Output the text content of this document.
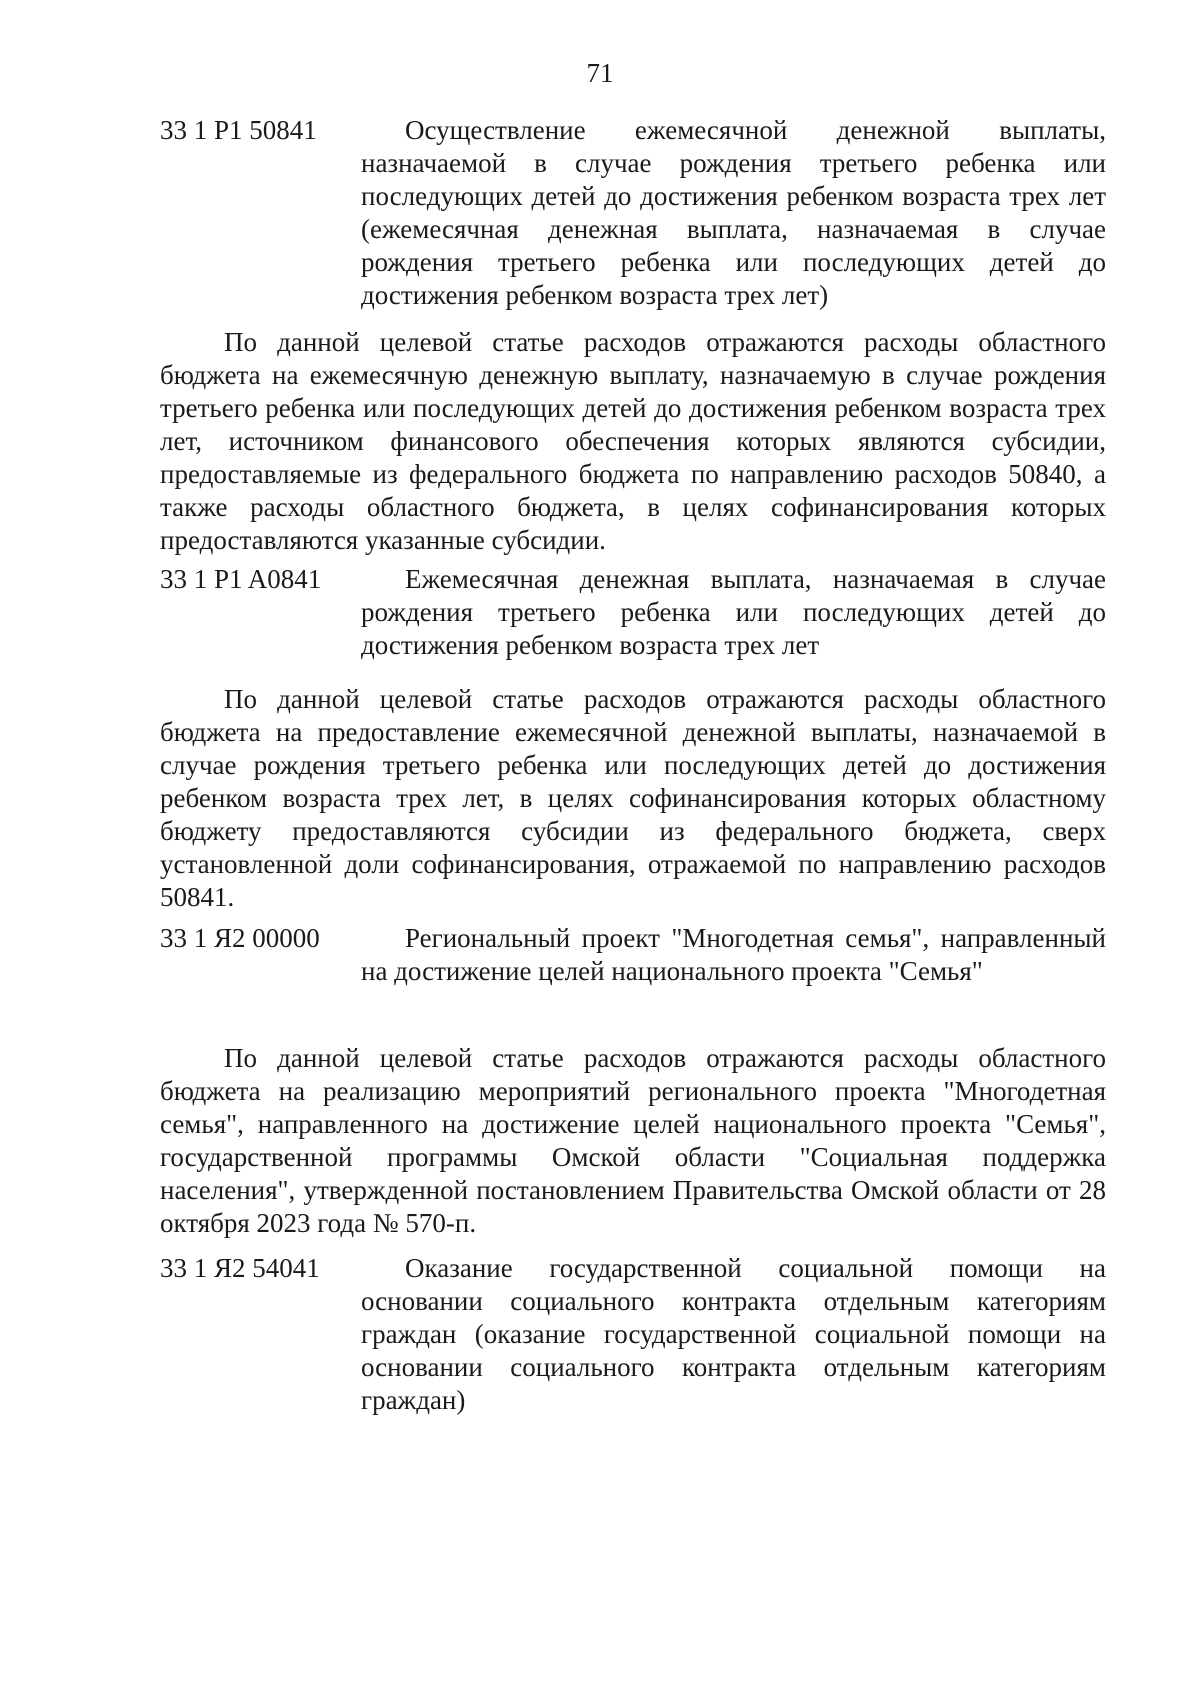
71
33 1 P1 50841	Осуществление ежемесячной денежной выплаты, назначаемой в случае рождения третьего ребенка или последующих детей до достижения ребенком возраста трех лет (ежемесячная денежная выплата, назначаемая в случае рождения третьего ребенка или последующих детей до достижения ребенком возраста трех лет)
По данной целевой статье расходов отражаются расходы областного бюджета на ежемесячную денежную выплату, назначаемую в случае рождения третьего ребенка или последующих детей до достижения ребенком возраста трех лет, источником финансового обеспечения которых являются субсидии, предоставляемые из федерального бюджета по направлению расходов 50840, а также расходы областного бюджета, в целях софинансирования которых предоставляются указанные субсидии.
33 1 P1 A0841	Ежемесячная денежная выплата, назначаемая в случае рождения третьего ребенка или последующих детей до достижения ребенком возраста трех лет
По данной целевой статье расходов отражаются расходы областного бюджета на предоставление ежемесячной денежной выплаты, назначаемой в случае рождения третьего ребенка или последующих детей до достижения ребенком возраста трех лет, в целях софинансирования которых областному бюджету предоставляются субсидии из федерального бюджета, сверх установленной доли софинансирования, отражаемой по направлению расходов 50841.
33 1 Я2 00000	Региональный проект "Многодетная семья", направленный на достижение целей национального проекта "Семья"
По данной целевой статье расходов отражаются расходы областного бюджета на реализацию мероприятий регионального проекта "Многодетная семья", направленного на достижение целей национального проекта "Семья", государственной программы Омской области "Социальная поддержка населения", утвержденной постановлением Правительства Омской области от 28 октября 2023 года № 570-п.
33 1 Я2 54041	Оказание государственной социальной помощи на основании социального контракта отдельным категориям граждан (оказание государственной социальной помощи на основании социального контракта отдельным категориям граждан)
